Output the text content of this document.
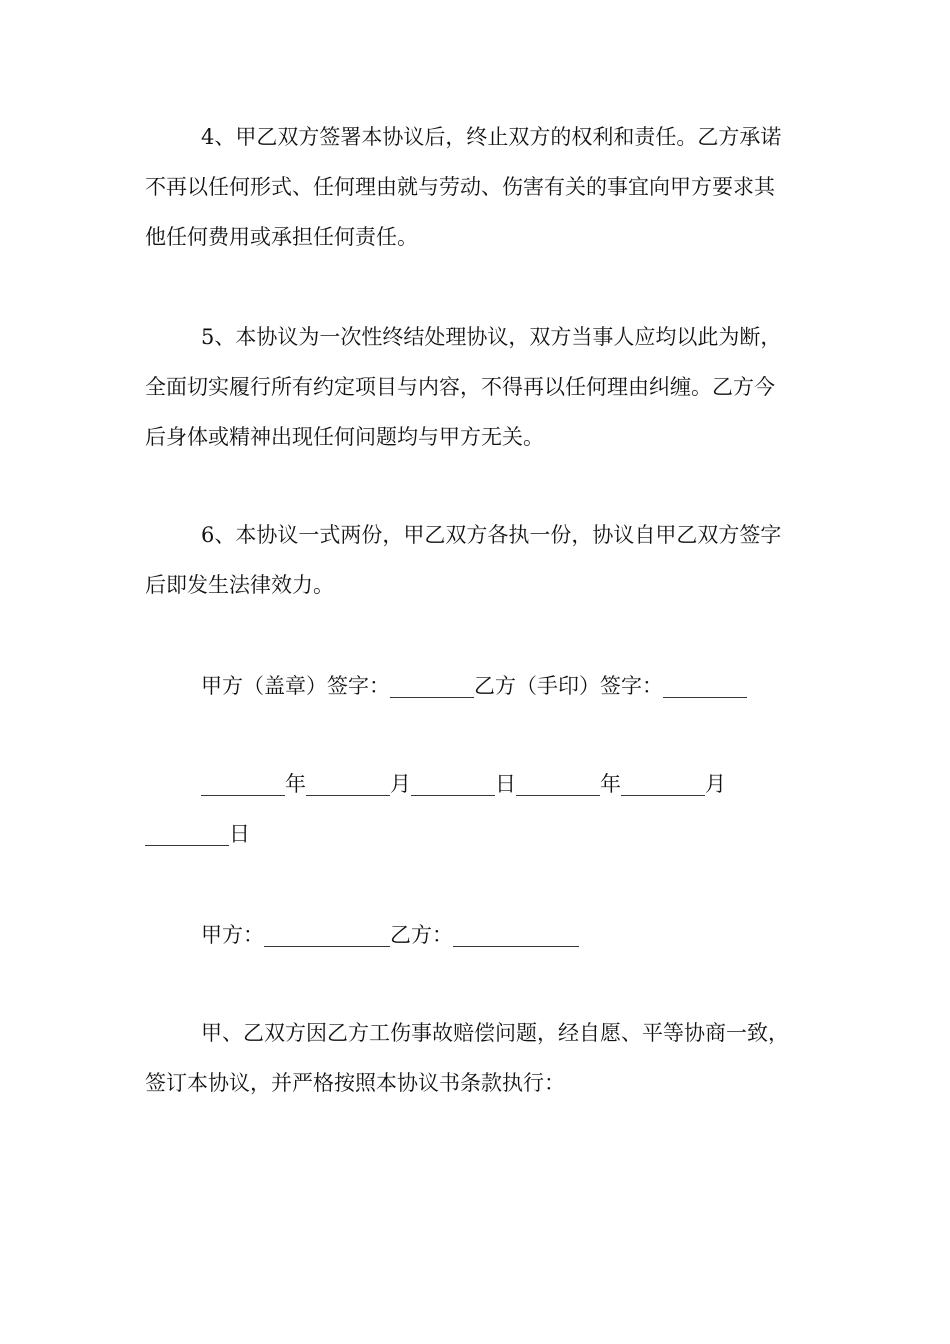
4、甲乙双方签署本协议后，终止双方的权利和责任。乙方承诺
不再以任何形式、任何理由就与劳动、伤害有关的事宜向甲方要求其
他任何费用或承担任何责任。
5、本协议为一次性终结处理协议，双方当事人应均以此为断，
全面切实履行所有约定项目与内容，不得再以任何理由纠缠。乙方今
后身体或精神出现任何问题均与甲方无关。
6、本协议一式两份，甲乙双方各执一份，协议自甲乙双方签字
后即发生法律效力。
甲方（盖章）签字：________乙方（手印）签字：________
________年________月________日________年________月
________日
甲方：____________乙方：____________
甲、乙双方因乙方工伤事故赔偿问题，经自愿、平等协商一致，
签订本协议，并严格按照本协议书条款执行：
